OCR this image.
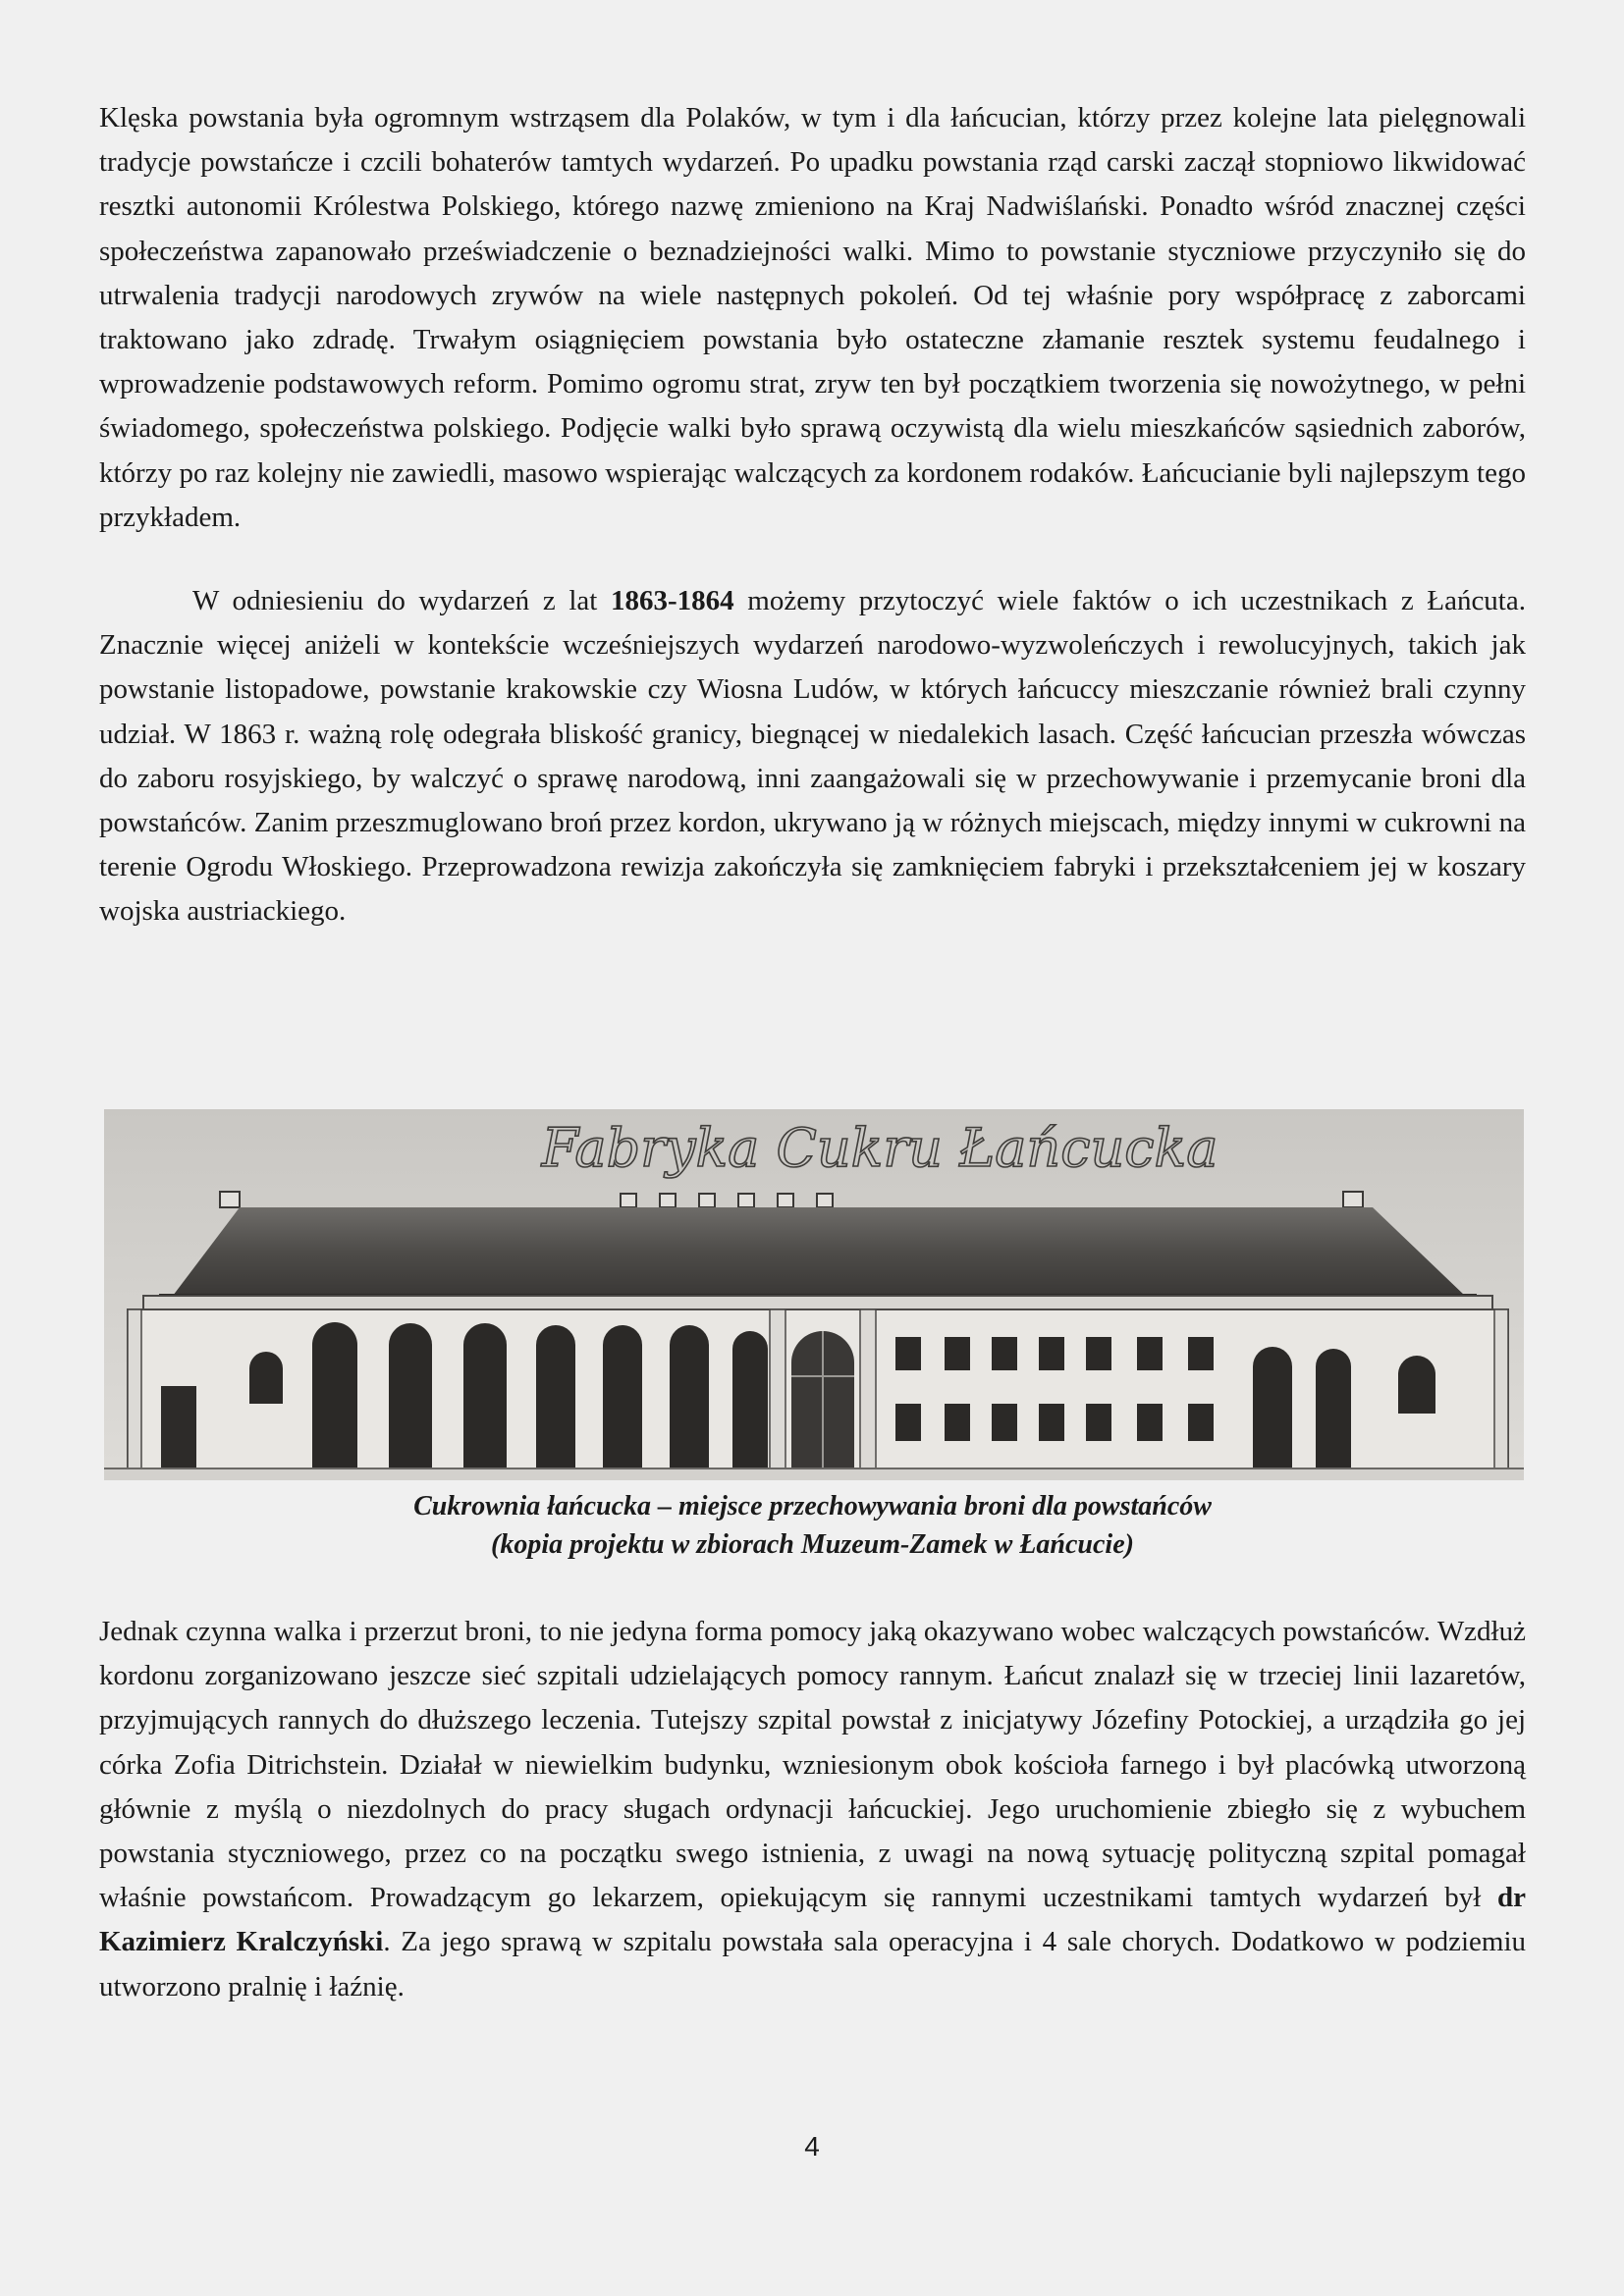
Klęska powstania była ogromnym wstrząsem dla Polaków, w tym i dla łańcucian, którzy przez kolejne lata pielęgnowali tradycje powstańcze i czcili bohaterów tamtych wydarzeń. Po upadku powstania rząd carski zaczął stopniowo likwidować resztki autonomii Królestwa Polskiego, którego nazwę zmieniono na Kraj Nadwiślański. Ponadto wśród znacznej części społeczeństwa zapanowało przeświadczenie o beznadziejności walki. Mimo to powstanie styczniowe przyczyniło się do utrwalenia tradycji narodowych zrywów na wiele następnych pokoleń. Od tej właśnie pory współpracę z zaborcami traktowano jako zdradę. Trwałym osiągnięciem powstania było ostateczne złamanie resztek systemu feudalnego i wprowadzenie podstawowych reform. Pomimo ogromu strat, zryw ten był początkiem tworzenia się nowożytnego, w pełni świadomego, społeczeństwa polskiego. Podjęcie walki było sprawą oczywistą dla wielu mieszkańców sąsiednich zaborów, którzy po raz kolejny nie zawiedli, masowo wspierając walczących za kordonem rodaków. Łańcucianie byli najlepszym tego przykładem.

W odniesieniu do wydarzeń z lat 1863-1864 możemy przytoczyć wiele faktów o ich uczestnikach z Łańcuta. Znacznie więcej aniżeli w kontekście wcześniejszych wydarzeń narodowo-wyzwoleńczych i rewolucyjnych, takich jak powstanie listopadowe, powstanie krakowskie czy Wiosna Ludów, w których łańcuccy mieszczanie również brali czynny udział. W 1863 r. ważną rolę odegrała bliskość granicy, biegnącej w niedalekich lasach. Część łańcucian przeszła wówczas do zaboru rosyjskiego, by walczyć o sprawę narodową, inni zaangażowali się w przechowywanie i przemycanie broni dla powstańców. Zanim przeszmuglowano broń przez kordon, ukrywano ją w różnych miejscach, między innymi w cukrowni na terenie Ogrodu Włoskiego. Przeprowadzona rewizja zakończyła się zamknięciem fabryki i przekształceniem jej w koszary wojska austriackiego.

Fabryka Cukru Łańcucka
Cukrownia łańcucka – miejsce przechowywania broni dla powstańców
(kopia projektu w zbiorach Muzeum-Zamek w Łańcucie)

Jednak czynna walka i przerzut broni, to nie jedyna forma pomocy jaką okazywano wobec walczących powstańców. Wzdłuż kordonu zorganizowano jeszcze sieć szpitali udzielających pomocy rannym. Łańcut znalazł się w trzeciej linii lazaretów, przyjmujących rannych do dłuższego leczenia. Tutejszy szpital powstał z inicjatywy Józefiny Potockiej, a urządziła go jej córka Zofia Ditrichstein. Działał w niewielkim budynku, wzniesionym obok kościoła farnego i był placówką utworzoną głównie z myślą o niezdolnych do pracy sługach ordynacji łańcuckiej. Jego uruchomienie zbiegło się z wybuchem powstania styczniowego, przez co na początku swego istnienia, z uwagi na nową sytuację polityczną szpital pomagał właśnie powstańcom. Prowadzącym go lekarzem, opiekującym się rannymi uczestnikami tamtych wydarzeń był dr Kazimierz Kralczyński. Za jego sprawą w szpitalu powstała sala operacyjna i 4 sale chorych. Dodatkowo w podziemiu utworzono pralnię i łaźnię.

4
